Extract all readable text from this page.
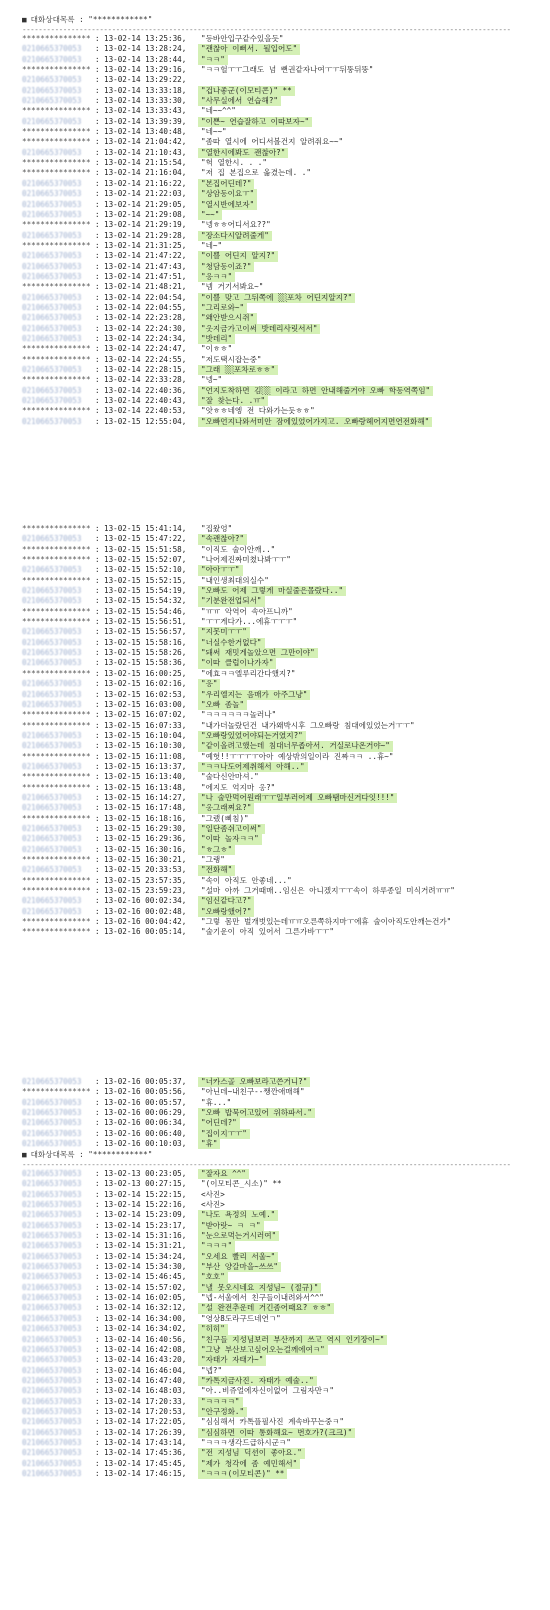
■ 대화상대목록 : "************"
------------------------------------------------------------------------------------------------------------------------
*************** : 13-02-14 13:25:36,	"등바안입구같수있을듯"
0210665370053	: 13-02-14 13:28:24,	"괜찮아 이뻐서. 될입어도"
0210665370053	: 13-02-14 13:28:44,	"ㅋㅋ"
*************** : 13-02-14 13:29:16,	"ㅋㅋ헐ㅜㅜ그래도 넘 뻔권같자나여ㅜㅜ뒤뚱뒤뚱"
0210665370053	: 13-02-14 13:29:22,
0210665370053	: 13-02-14 13:33:18,	"겁나좋군(이모티콘)" **
0210665370053	: 13-02-14 13:33:30,	"사무실에서 연습해?"
*************** : 13-02-14 13:33:43,	"네~~^^"
0210665370053	: 13-02-14 13:39:39,	"이쁜~ 연습잘하고 이따보자~"
*************** : 13-02-14 13:40:48,	"네~~"
*************** : 13-02-14 21:04:42,	"좀따 열시에 어디서볼건지 알려줘요~~"
0210665370053	: 13-02-14 21:10:43,	"열한시에봐도 괜찮아?"
*************** : 13-02-14 21:15:54,	"헉 열한시. . ."
*************** : 13-02-14 21:16:04,	"저 집 본집으로 옮겼는데. ."
0210665370053	: 13-02-14 21:16:22,	"본집어딘데?"
0210665370053	: 13-02-14 21:22:03,	"상암동이요ㅜ"
0210665370053	: 13-02-14 21:29:05,	"열시반에보자"
0210665370053	: 13-02-14 21:29:08,	"~~"
*************** : 13-02-14 21:29:19,	"넹ㅎㅎ어디서요??"
0210665370053	: 13-02-14 21:29:28,	"장소다시알려줄게"
*************** : 13-02-14 21:31:25,	"네~"
0210665370053	: 13-02-14 21:47:22,	"이쁠 어딘지 알지?"
0210665370053	: 13-02-14 21:47:43,	"청담동이죠?"
0210665370053	: 13-02-14 21:47:51,	"응ㅋㅋ"
*************** : 13-02-14 21:48:21,	"넴 거기서봐요~"
0210665370053	: 13-02-14 22:04:54,	"이쁠 맞고 그뒤쪽에 ░░포차 어딘지알지?"
0210665370053	: 13-02-14 22:04:55,	"그리로와~"
0210665370053	: 13-02-14 22:23:28,	"왜안받으시쥐"
0210665370053	: 13-02-14 22:24:30,	"옷지금가고이써 밧데리사릿서서"
0210665370053	: 13-02-14 22:24:34,	"밧데리"
*************** : 13-02-14 22:24:47,	"이ㅎㅎ"
*************** : 13-02-14 22:24:55,	"저도택시잡는중"
0210665370053	: 13-02-14 22:28:15,	"그래 ░░포차로ㅎㅎ"
*************** : 13-02-14 22:33:28,	"넹~"
0210665370053	: 13-02-14 22:40:36,	"언지도착하면 김░░ 이라고 하면 안내해줄거야 오빠 학동역쪽임"
0210665370053	: 13-02-14 22:40:43,	"잘 찾는다. .ㅠ"
*************** : 13-02-14 22:40:53,	"앗ㅎㅎ네엥 전 다와가는듯ㅎㅎ"
0210665370053	: 13-02-15 12:55:04,	"오빠언지나와서미안 잠에있었어가지고. 오빠랑헤어지면연전화해"
*************** : 13-02-15 15:41:14,	"집왔엉"
0210665370053	: 13-02-15 15:47:22,	"속괜찮아?"
*************** : 13-02-15 15:51:58,	"이직도 술이안깨.."
*************** : 13-02-15 15:52:07,	"나어제진짜미쳤나봐ㅜㅜ"
0210665370053	: 13-02-15 15:52:10,	"아아ㅜㅜ"
*************** : 13-02-15 15:52:15,	"내인생최대의실수"
0210665370053	: 13-02-15 15:54:19,	"오빠도 어제 그렇게 마실줄은몰랐다.."
0210665370053	: 13-02-15 15:54:32,	"기분완전업되서"
*************** : 13-02-15 15:54:46,	"ㅠㅠ 악역어 속아프니까"
*************** : 13-02-15 15:56:51,	"ㅜㅜ게다가...에휴ㅜㅜㅜ"
0210665370053	: 13-02-15 15:56:57,	"지못미ㅜㅜ"
0210665370053	: 13-02-15 15:58:16,	"너실수한거없다"
0210665370053	: 13-02-15 15:58:26,	"돼써 재밋게놀았으면 그만이야"
0210665370053	: 13-02-15 15:58:36,	"이따 클럽이나가자"
*************** : 13-02-15 16:00:25,	"에효ㅋㅋ엘루리간다했지?"
0210665370053	: 13-02-15 16:02:16,	"응"
0210665370053	: 13-02-15 16:02:53,	"우리엘지는 음매가 아주그냥"
0210665370053	: 13-02-15 16:03:00,	"오빠 좀놀"
*************** : 13-02-15 16:07:02,	"ㅋㅋㅋㅋㅋㅋ놀러나"
*************** : 13-02-15 16:07:33,	"내가더놀랐던건 내가왜박시후 그오빠랑 침대에있었는거ㅜㅜ"
0210665370053	: 13-02-15 16:10:04,	"오빠랑있었어야되는거였지?"
0210665370053	: 13-02-15 16:10:30,	"같이올려고했는데 침대너무좁아서. 거실로나온거야~"
*************** : 13-02-15 16:11:08,	"예헛!!ㅜㅜㅜㅜ아아 예상밖의일이라 진짜ㅋㅋ ..휴~"
0210665370053	: 13-02-15 16:13:37,	"ㅋㅋ나도어제취해서 아해.."
*************** : 13-02-15 16:13:40,	"술다신안마셔."
*************** : 13-02-15 16:13:48,	"에지도 억지마 옹?"
0210665370053	: 13-02-15 16:14:27,	"나 술만먹어원래ㅜㅜ일부러어제 오빠땜마신거다잇!!!"
0210665370053	: 13-02-15 16:17:48,	"옹그래쪄요?"
*************** : 13-02-15 16:18:16,	"그랬(삐침)"
0210665370053	: 13-02-15 16:29:30,	"일단좀쉬고이써"
0210665370053	: 13-02-15 16:29:36,	"이따 놀자ㅋㅋ"
0210665370053	: 13-02-15 16:30:16,	"ㅎ그ㅎ"
*************** : 13-02-15 16:30:21,	"그랭"
0210665370053	: 13-02-15 20:33:53,	"전화해"
*************** : 13-02-15 23:57:35,	"속이 아직도 안좋네..."
*************** : 13-02-15 23:59:23,	"설마 아까 그거때매..임신은 아니겠지ㅜㅜ속이 하루종일 미식거려ㅠㅠ"
0210665370053	: 13-02-16 00:02:34,	"임신같다고?"
0210665370053	: 13-02-16 00:02:48,	"오빠랑했어?"
*************** : 13-02-16 00:04:42,	"그렇 몸만 벌개벗있는데ㅠㅠ오른쪽하지마ㅜ에휴 술이아직도안깨는건가"
*************** : 13-02-16 00:05:14,	"술기운이 아직 있어서 그른가바ㅜㅜ"
0210665370053	: 13-02-16 00:05:37,	"너카스골 오빠보라고쓴거니?"
*************** : 13-02-16 00:05:56,	"아닌데~내친구--쨍깐애매해"
0210665370053	: 13-02-16 00:05:57,	"휴..."
0210665370053	: 13-02-16 00:06:29,	"오빠 밥묵어고있어 위하파서."
0210665370053	: 13-02-16 00:06:34,	"어딘데?"
0210665370053	: 13-02-16 00:06:40,	"집이지ㅜㅜ"
0210665370053	: 13-02-16 00:10:03,	"휴"
■ 대화상대목록 : "************"
------------------------------------------------------------------------------------------------------------------------
0210665370053	: 13-02-13 00:23:05,	"잘자요 ^^"
0210665370053	: 13-02-13 00:27:15,	"(이모티콘_시소)" **
0210665370053	: 13-02-14 15:22:15,	<사진>
0210665370053	: 13-02-14 15:22:16,	<사진>
0210665370053	: 13-02-14 15:23:09,	"나도 욕정의 노예."
0210665370053	: 13-02-14 15:23:17,	"받아랏~ ㅋ ㅋ"
0210665370053	: 13-02-14 15:31:16,	"눈으로먹는거시러여"
0210665370053	: 13-02-14 15:31:21,	"ㅋㅋㅋ"
0210665370053	: 13-02-14 15:34:24,	"오세요 빨리 서울~"
0210665370053	: 13-02-14 15:34:30,	"부산 양갈마을~쓰쓰"
0210665370053	: 13-02-14 15:46:45,	"호호"
0210665370053	: 13-02-14 15:57:02,	"낼 못오시네요 지성님~ (절규)"
0210665370053	: 13-02-14 16:02:05,	"넵-서울에서 친구들이내려와서^^"
0210665370053	: 13-02-14 16:32:12,	"설 완전추운데 거긴좀어때요? ㅎㅎ"
0210665370053	: 13-02-14 16:34:00,	"영상8도라구드네연ㄱ"
0210665370053	: 13-02-14 16:34:02,	"히히"
0210665370053	: 13-02-14 16:40:56,	"친구들 지성님보러 부산까지 쓰고 역시 인기장이~"
0210665370053	: 13-02-14 16:42:08,	"그냥 부산보고싶어오는걸께에여ㅋ"
0210665370053	: 13-02-14 16:43:20,	"자태가 자태가~"
0210665370053	: 13-02-14 16:46:04,	"넵?"
0210665370053	: 13-02-14 16:47:40,	"카톡지금사진. 자태가 예술.."
0210665370053	: 13-02-14 16:48:03,	"아..비쥬얼에자신이없어 그림자만ㅋ"
0210665370053	: 13-02-14 17:20:33,	"ㅋㅋㅋㅋ"
0210665370053	: 13-02-14 17:20:53,	"안구정화."
0210665370053	: 13-02-14 17:22:05,	"심심해서 카톡플필사진 계속바꾸는중ㅋ"
0210665370053	: 13-02-14 17:26:39,	"심심하면 이따 통화해요~ 번호가?(크크)"
0210665370053	: 13-02-14 17:43:14,	"ㅋㅋㅋ생각드급하시군ㅋ"
0210665370053	: 13-02-14 17:45:36,	"전 지성님 딕션이 좋아요."
0210665370053	: 13-02-14 17:45:45,	"제가 청각에 좀 예민해서"
0210665370053	: 13-02-14 17:46:15,	"ㅋㅋㅋ(이모티콘)" **
